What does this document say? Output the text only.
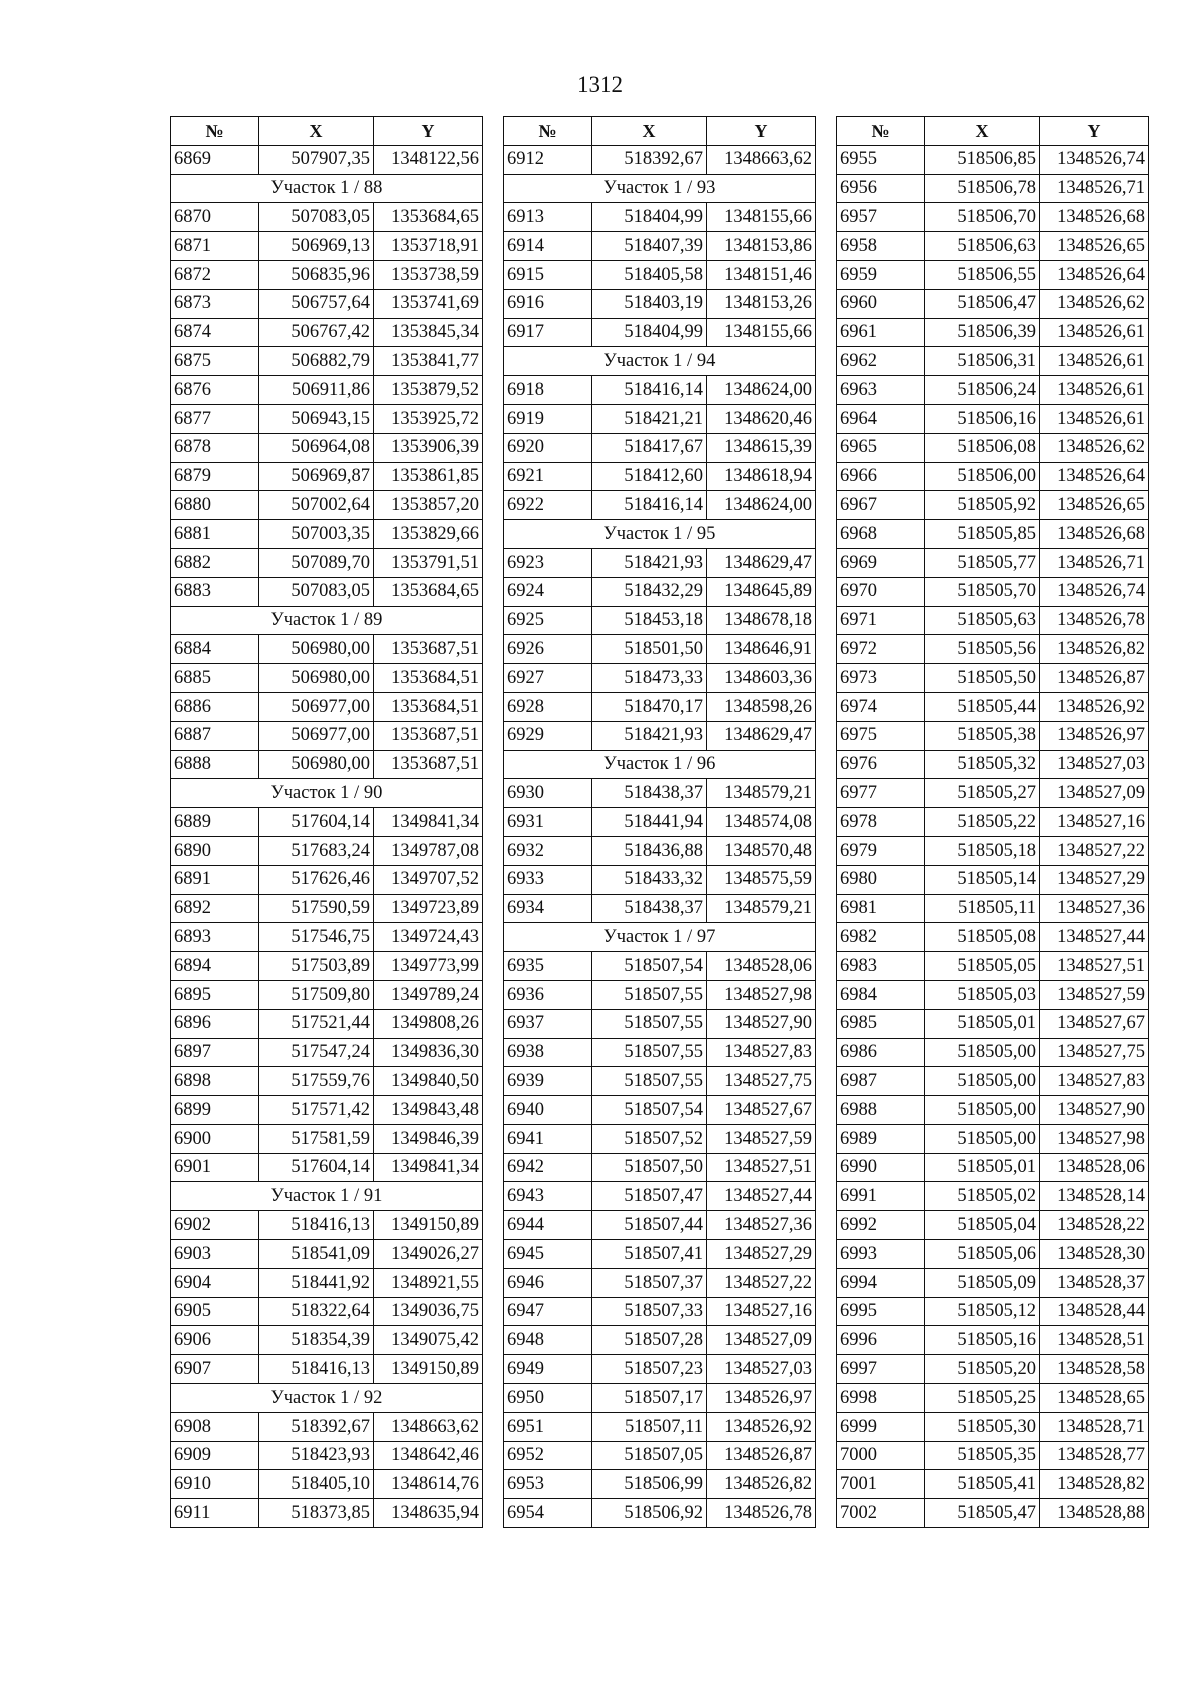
1312
№	X	Y
6869	507907,35	1348122,56
Участок 1 / 88		
6870	507083,05	1353684,65
6871	506969,13	1353718,91
6872	506835,96	1353738,59
6873	506757,64	1353741,69
6874	506767,42	1353845,34
6875	506882,79	1353841,77
6876	506911,86	1353879,52
6877	506943,15	1353925,72
6878	506964,08	1353906,39
6879	506969,87	1353861,85
6880	507002,64	1353857,20
6881	507003,35	1353829,66
6882	507089,70	1353791,51
6883	507083,05	1353684,65
Участок 1 / 89		
6884	506980,00	1353687,51
6885	506980,00	1353684,51
6886	506977,00	1353684,51
6887	506977,00	1353687,51
6888	506980,00	1353687,51
Участок 1 / 90		
6889	517604,14	1349841,34
6890	517683,24	1349787,08
6891	517626,46	1349707,52
6892	517590,59	1349723,89
6893	517546,75	1349724,43
6894	517503,89	1349773,99
6895	517509,80	1349789,24
6896	517521,44	1349808,26
6897	517547,24	1349836,30
6898	517559,76	1349840,50
6899	517571,42	1349843,48
6900	517581,59	1349846,39
6901	517604,14	1349841,34
Участок 1 / 91		
6902	518416,13	1349150,89
6903	518541,09	1349026,27
6904	518441,92	1348921,55
6905	518322,64	1349036,75
6906	518354,39	1349075,42
6907	518416,13	1349150,89
Участок 1 / 92		
6908	518392,67	1348663,62
6909	518423,93	1348642,46
6910	518405,10	1348614,76
6911	518373,85	1348635,94
№	X	Y
6912	518392,67	1348663,62
Участок 1 / 93		
6913	518404,99	1348155,66
6914	518407,39	1348153,86
6915	518405,58	1348151,46
6916	518403,19	1348153,26
6917	518404,99	1348155,66
Участок 1 / 94		
6918	518416,14	1348624,00
6919	518421,21	1348620,46
6920	518417,67	1348615,39
6921	518412,60	1348618,94
6922	518416,14	1348624,00
Участок 1 / 95		
6923	518421,93	1348629,47
6924	518432,29	1348645,89
6925	518453,18	1348678,18
6926	518501,50	1348646,91
6927	518473,33	1348603,36
6928	518470,17	1348598,26
6929	518421,93	1348629,47
Участок 1 / 96		
6930	518438,37	1348579,21
6931	518441,94	1348574,08
6932	518436,88	1348570,48
6933	518433,32	1348575,59
6934	518438,37	1348579,21
Участок 1 / 97		
6935	518507,54	1348528,06
6936	518507,55	1348527,98
6937	518507,55	1348527,90
6938	518507,55	1348527,83
6939	518507,55	1348527,75
6940	518507,54	1348527,67
6941	518507,52	1348527,59
6942	518507,50	1348527,51
6943	518507,47	1348527,44
6944	518507,44	1348527,36
6945	518507,41	1348527,29
6946	518507,37	1348527,22
6947	518507,33	1348527,16
6948	518507,28	1348527,09
6949	518507,23	1348527,03
6950	518507,17	1348526,97
6951	518507,11	1348526,92
6952	518507,05	1348526,87
6953	518506,99	1348526,82
6954	518506,92	1348526,78
№	X	Y
6955	518506,85	1348526,74
6956	518506,78	1348526,71
6957	518506,70	1348526,68
6958	518506,63	1348526,65
6959	518506,55	1348526,64
6960	518506,47	1348526,62
6961	518506,39	1348526,61
6962	518506,31	1348526,61
6963	518506,24	1348526,61
6964	518506,16	1348526,61
6965	518506,08	1348526,62
6966	518506,00	1348526,64
6967	518505,92	1348526,65
6968	518505,85	1348526,68
6969	518505,77	1348526,71
6970	518505,70	1348526,74
6971	518505,63	1348526,78
6972	518505,56	1348526,82
6973	518505,50	1348526,87
6974	518505,44	1348526,92
6975	518505,38	1348526,97
6976	518505,32	1348527,03
6977	518505,27	1348527,09
6978	518505,22	1348527,16
6979	518505,18	1348527,22
6980	518505,14	1348527,29
6981	518505,11	1348527,36
6982	518505,08	1348527,44
6983	518505,05	1348527,51
6984	518505,03	1348527,59
6985	518505,01	1348527,67
6986	518505,00	1348527,75
6987	518505,00	1348527,83
6988	518505,00	1348527,90
6989	518505,00	1348527,98
6990	518505,01	1348528,06
6991	518505,02	1348528,14
6992	518505,04	1348528,22
6993	518505,06	1348528,30
6994	518505,09	1348528,37
6995	518505,12	1348528,44
6996	518505,16	1348528,51
6997	518505,20	1348528,58
6998	518505,25	1348528,65
6999	518505,30	1348528,71
7000	518505,35	1348528,77
7001	518505,41	1348528,82
7002	518505,47	1348528,88
